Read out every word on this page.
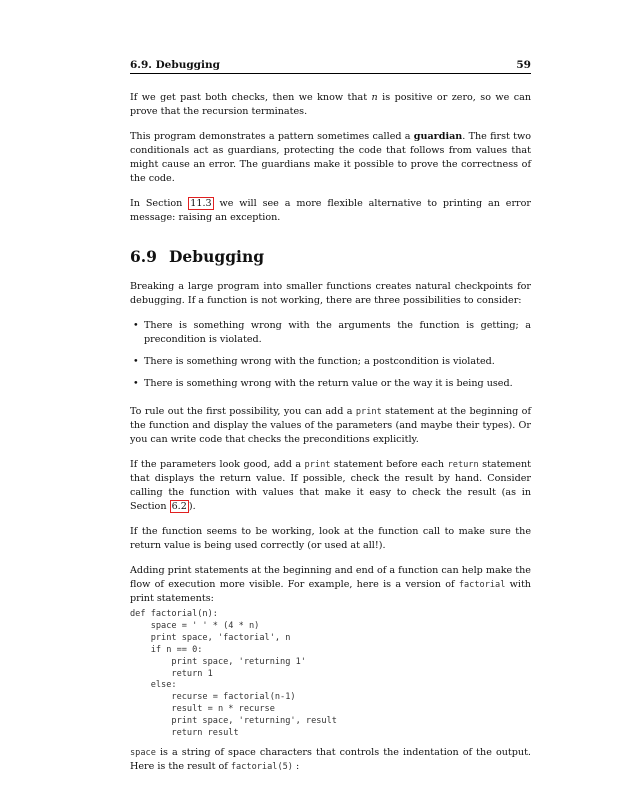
6.9. Debugging	59

If we get past both checks, then we know that n is positive or zero, so we can prove that the recursion terminates.

This program demonstrates a pattern sometimes called a guardian. The first two conditionals act as guardians, protecting the code that follows from values that might cause an error. The guardians make it possible to prove the correctness of the code.

In Section 11.3 we will see a more flexible alternative to printing an error message: raising an exception.

6.9 Debugging

Breaking a large program into smaller functions creates natural checkpoints for debugging. If a function is not working, there are three possibilities to consider:

• There is something wrong with the arguments the function is getting; a precondition is violated.
• There is something wrong with the function; a postcondition is violated.
• There is something wrong with the return value or the way it is being used.

To rule out the first possibility, you can add a print statement at the beginning of the function and display the values of the parameters (and maybe their types). Or you can write code that checks the preconditions explicitly.

If the parameters look good, add a print statement before each return statement that displays the return value. If possible, check the result by hand. Consider calling the function with values that make it easy to check the result (as in Section 6.2 ).

If the function seems to be working, look at the function call to make sure the return value is being used correctly (or used at all!).

Adding print statements at the beginning and end of a function can help make the flow of execution more visible. For example, here is a version of factorial with print statements:

def factorial(n):
space = ' ' * (4 * n)
print space, 'factorial', n
if n == 0:
print space, 'returning 1'
return 1
else:
recurse = factorial(n-1)
result = n * recurse
print space, 'returning', result
return result

space is a string of space characters that controls the indentation of the output. Here is the result of factorial(5) :
